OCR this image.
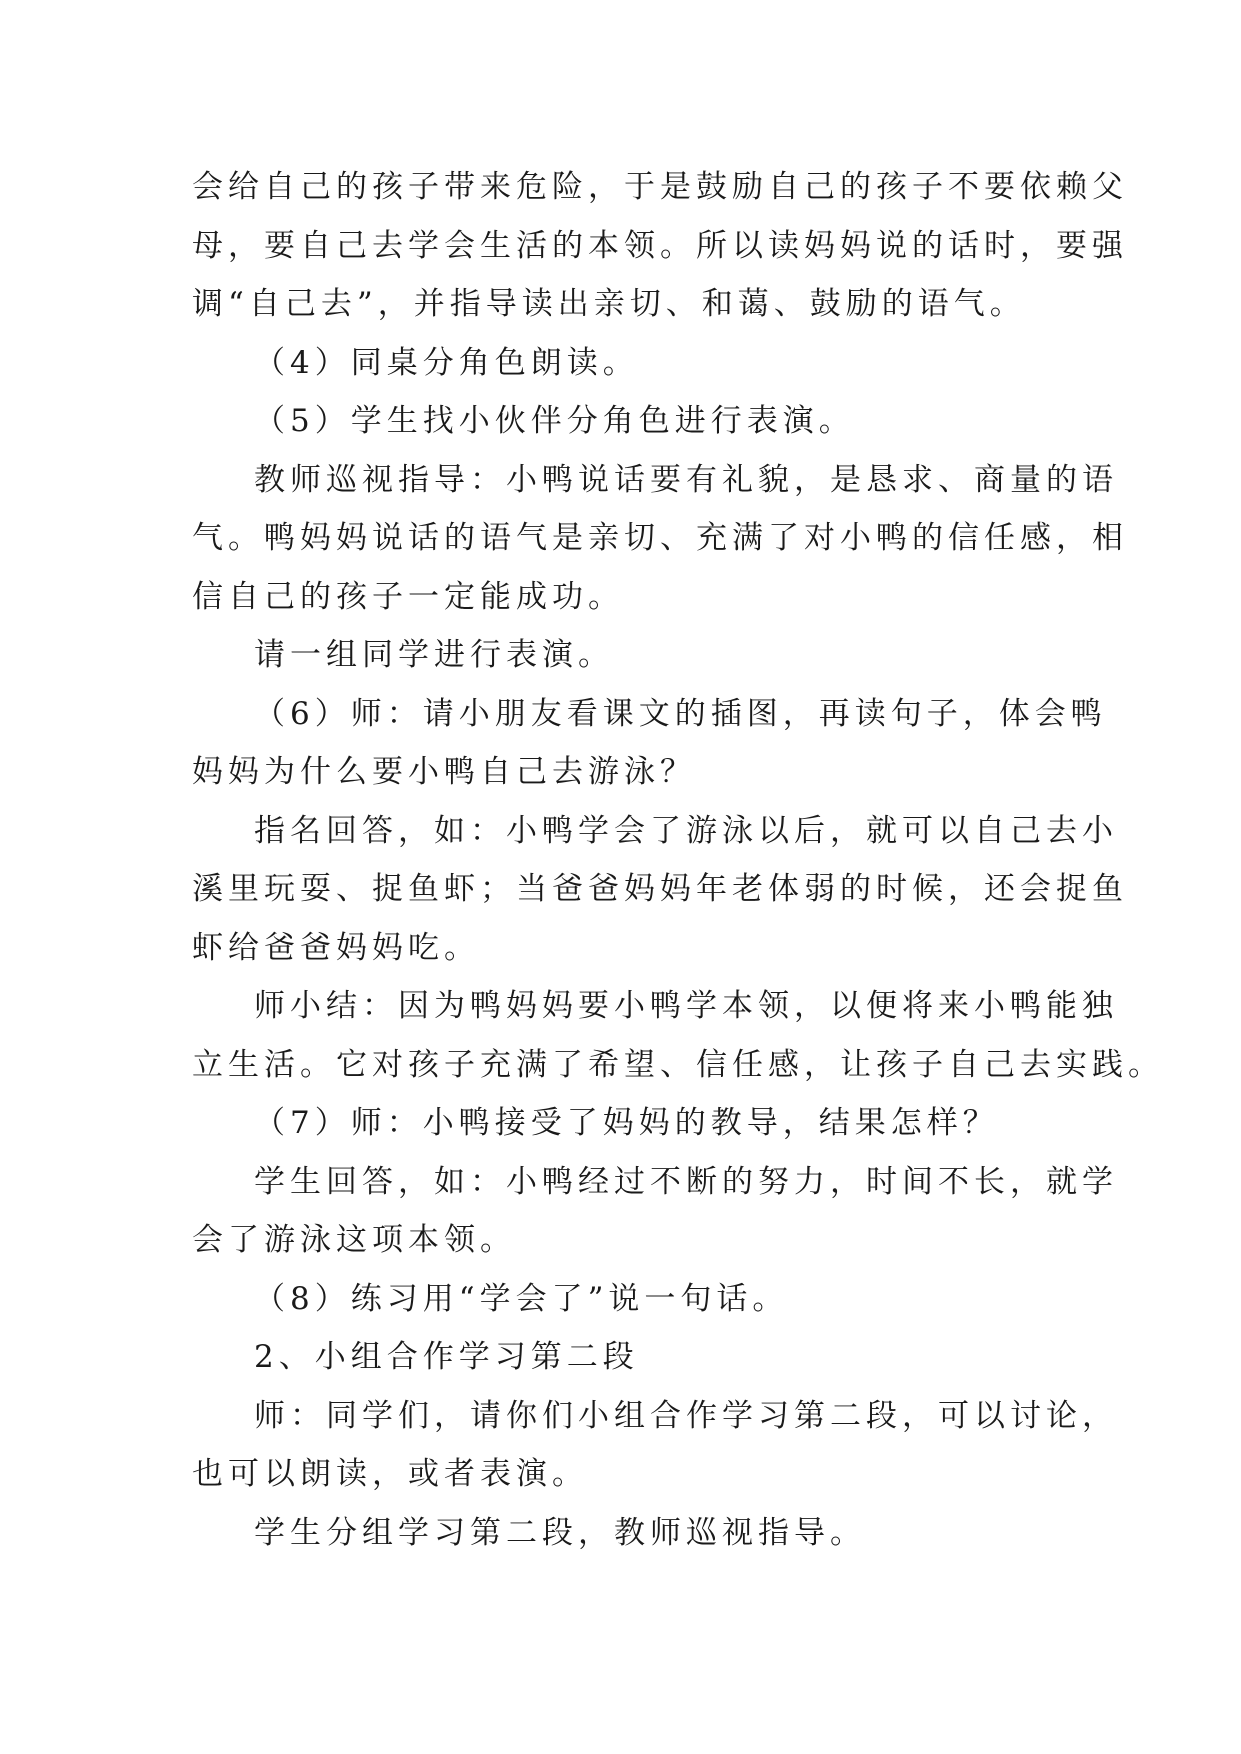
会给自己的孩子带来危险，于是鼓励自己的孩子不要依赖父
母，要自己去学会生活的本领。所以读妈妈说的话时，要强
调“自己去”，并指导读出亲切、和蔼、鼓励的语气。

（4）同桌分角色朗读。

（5）学生找小伙伴分角色进行表演。

教师巡视指导：小鸭说话要有礼貌，是恳求、商量的语
气。鸭妈妈说话的语气是亲切、充满了对小鸭的信任感，相
信自己的孩子一定能成功。

请一组同学进行表演。

（6）师：请小朋友看课文的插图，再读句子，体会鸭
妈妈为什么要小鸭自己去游泳？

指名回答，如：小鸭学会了游泳以后，就可以自己去小
溪里玩耍、捉鱼虾；当爸爸妈妈年老体弱的时候，还会捉鱼
虾给爸爸妈妈吃。

师小结：因为鸭妈妈要小鸭学本领，以便将来小鸭能独
立生活。它对孩子充满了希望、信任感，让孩子自己去实践。

（7）师：小鸭接受了妈妈的教导，结果怎样？

学生回答，如：小鸭经过不断的努力，时间不长，就学
会了游泳这项本领。

（8）练习用“学会了”说一句话。

2、小组合作学习第二段

师：同学们，请你们小组合作学习第二段，可以讨论，
也可以朗读，或者表演。

学生分组学习第二段，教师巡视指导。
